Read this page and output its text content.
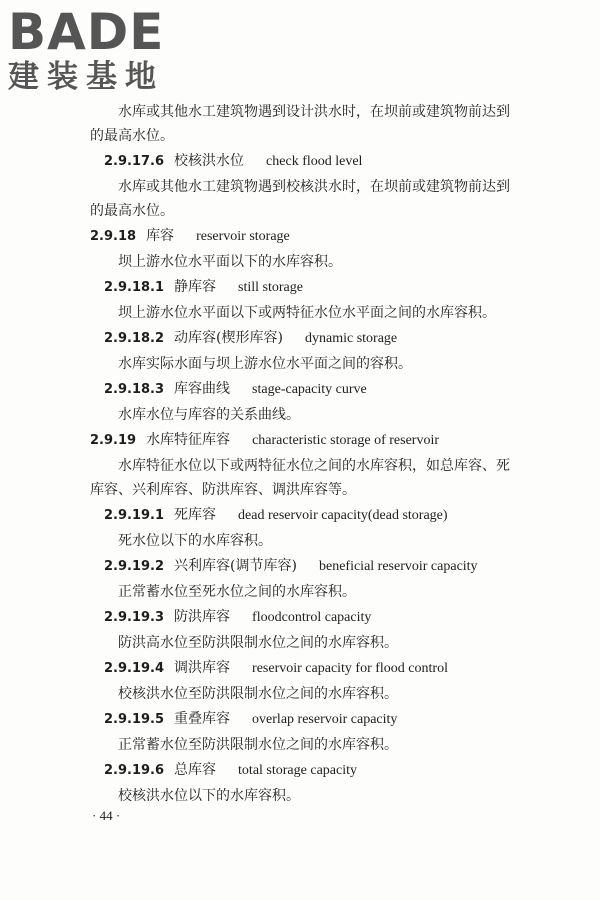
BADE
建装基地

水库或其他水工建筑物遇到设计洪水时，在坝前或建筑物前达到的最高水位。

2.9.17.6 校核洪水位 check flood level

水库或其他水工建筑物遇到校核洪水时，在坝前或建筑物前达到的最高水位。

2.9.18 库容 reservoir storage

坝上游水位水平面以下的水库容积。

2.9.18.1 静库容 still storage

坝上游水位水平面以下或两特征水位水平面之间的水库容积。

2.9.18.2 动库容(楔形库容) dynamic storage

水库实际水面与坝上游水位水平面之间的容积。

2.9.18.3 库容曲线 stage-capacity curve

水库水位与库容的关系曲线。

2.9.19 水库特征库容 characteristic storage of reservoir

水库特征水位以下或两特征水位之间的水库容积，如总库容、死库容、兴利库容、防洪库容、调洪库容等。

2.9.19.1 死库容 dead reservoir capacity(dead storage)

死水位以下的水库容积。

2.9.19.2 兴利库容(调节库容) beneficial reservoir capacity

正常蓄水位至死水位之间的水库容积。

2.9.19.3 防洪库容 floodcontrol capacity

防洪高水位至防洪限制水位之间的水库容积。

2.9.19.4 调洪库容 reservoir capacity for flood control

校核洪水位至防洪限制水位之间的水库容积。

2.9.19.5 重叠库容 overlap reservoir capacity

正常蓄水位至防洪限制水位之间的水库容积。

2.9.19.6 总库容 total storage capacity

校核洪水位以下的水库容积。

· 44 ·
